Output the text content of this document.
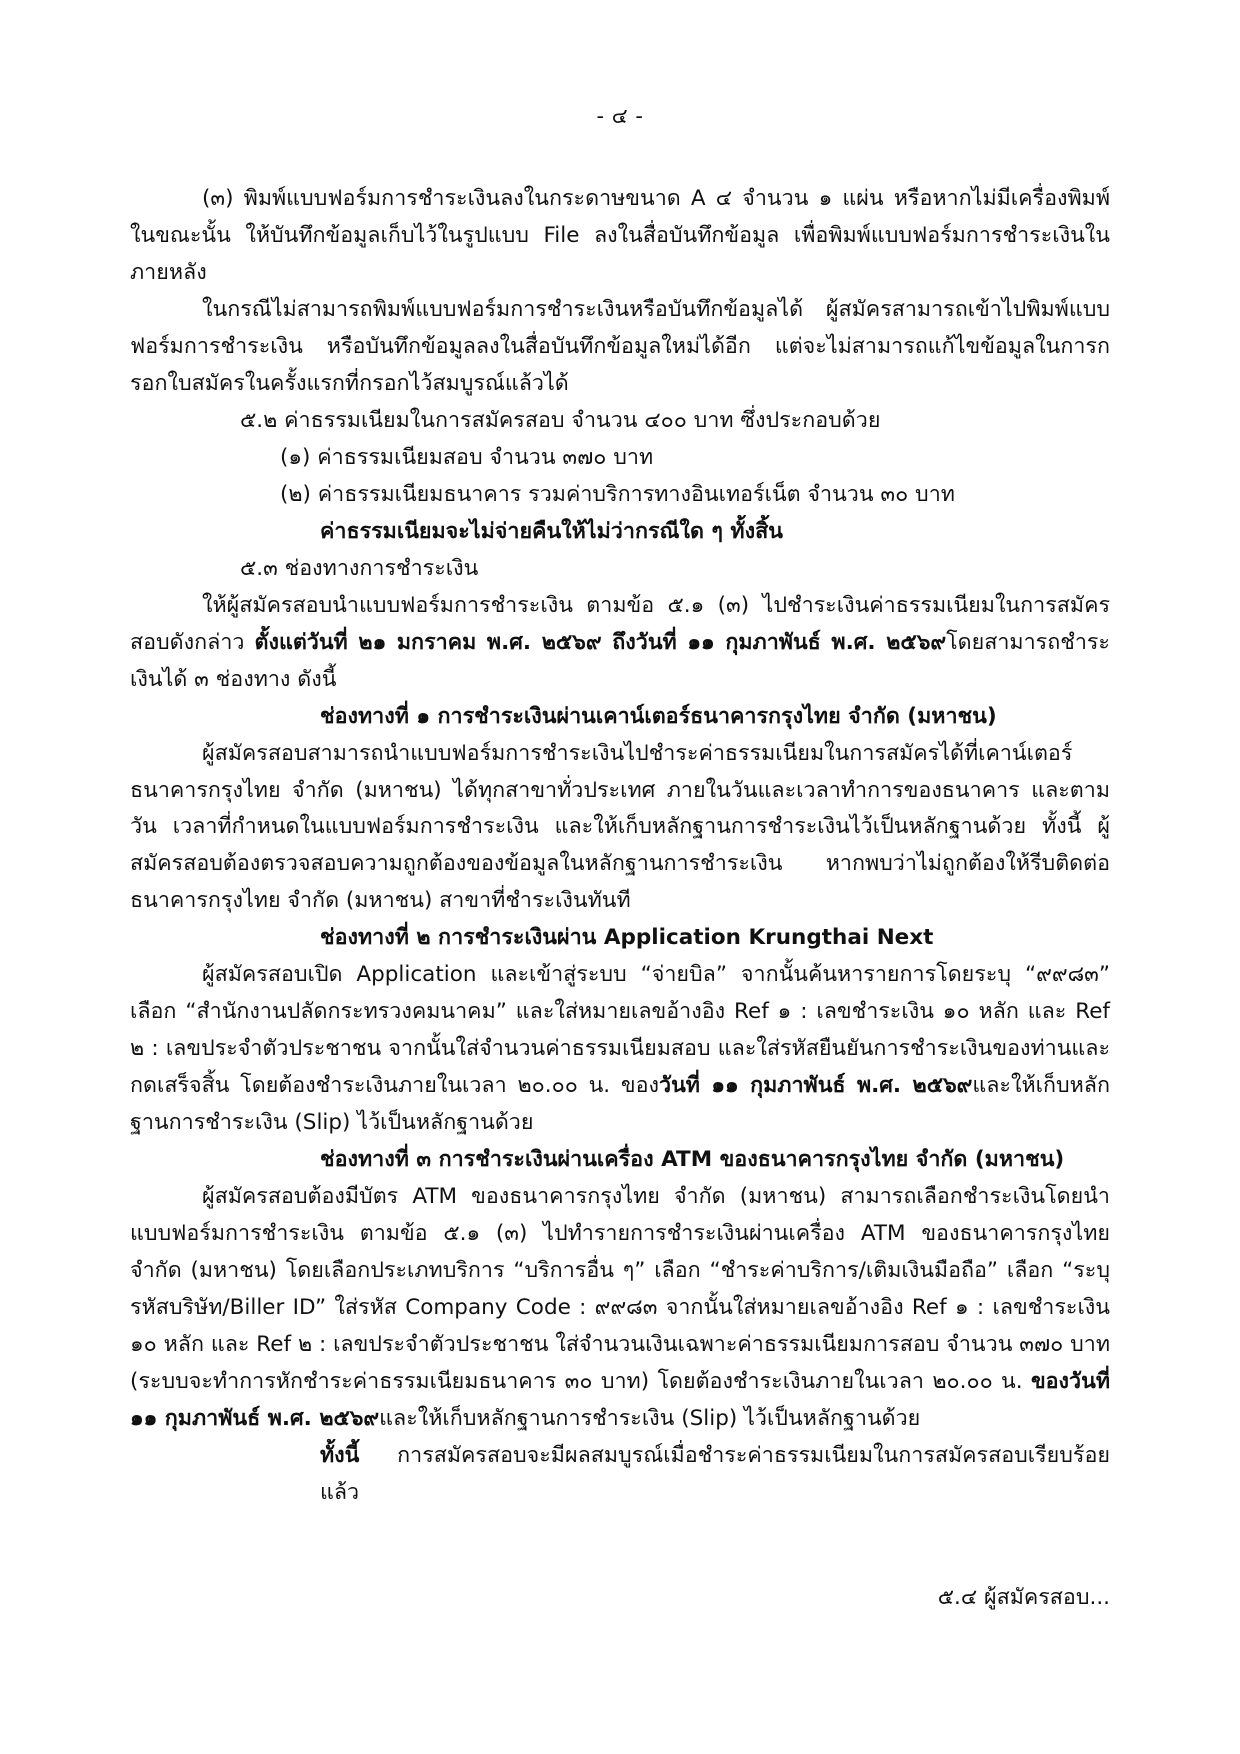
- ๔ -

(๓) พิมพ์แบบฟอร์มการชำระเงินลงในกระดาษขนาด A ๔ จำนวน ๑ แผ่น หรือหากไม่มีเครื่องพิมพ์ในขณะนั้น ให้บันทึกข้อมูลเก็บไว้ในรูปแบบ File ลงในสื่อบันทึกข้อมูล เพื่อพิมพ์แบบฟอร์มการชำระเงินในภายหลัง

ในกรณีไม่สามารถพิมพ์แบบฟอร์มการชำระเงินหรือบันทึกข้อมูลได้ ผู้สมัครสามารถเข้าไปพิมพ์แบบฟอร์มการชำระเงิน หรือบันทึกข้อมูลลงในสื่อบันทึกข้อมูลใหม่ได้อีก แต่จะไม่สามารถแก้ไขข้อมูลในการกรอกใบสมัครในครั้งแรกที่กรอกไว้สมบูรณ์แล้วได้

๕.๒ ค่าธรรมเนียมในการสมัครสอบ จำนวน ๔๐๐ บาท ซึ่งประกอบด้วย

(๑) ค่าธรรมเนียมสอบ จำนวน ๓๗๐ บาท

(๒) ค่าธรรมเนียมธนาคาร รวมค่าบริการทางอินเทอร์เน็ต จำนวน ๓๐ บาท

ค่าธรรมเนียมจะไม่จ่ายคืนให้ไม่ว่ากรณีใด ๆ ทั้งสิ้น

๕.๓ ช่องทางการชำระเงิน

ให้ผู้สมัครสอบนำแบบฟอร์มการชำระเงิน ตามข้อ ๕.๑ (๓) ไปชำระเงินค่าธรรมเนียมในการสมัครสอบดังกล่าว ตั้งแต่วันที่ ๒๑ มกราคม พ.ศ. ๒๕๖๙ ถึงวันที่ ๑๑ กุมภาพันธ์ พ.ศ. ๒๕๖๙โดยสามารถชำระเงินได้ ๓ ช่องทาง ดังนี้

ช่องทางที่ ๑ การชำระเงินผ่านเคาน์เตอร์ธนาคารกรุงไทย จำกัด (มหาชน)

ผู้สมัครสอบสามารถนำแบบฟอร์มการชำระเงินไปชำระค่าธรรมเนียมในการสมัครได้ที่เคาน์เตอร์ธนาคารกรุงไทย จำกัด (มหาชน) ได้ทุกสาขาทั่วประเทศ ภายในวันและเวลาทำการของธนาคาร และตามวัน เวลาที่กำหนดในแบบฟอร์มการชำระเงิน และให้เก็บหลักฐานการชำระเงินไว้เป็นหลักฐานด้วย ทั้งนี้ ผู้สมัครสอบต้องตรวจสอบความถูกต้องของข้อมูลในหลักฐานการชำระเงิน หากพบว่าไม่ถูกต้องให้รีบติดต่อธนาคารกรุงไทย จำกัด (มหาชน) สาขาที่ชำระเงินทันที

ช่องทางที่ ๒ การชำระเงินผ่าน Application Krungthai Next

ผู้สมัครสอบเปิด Application และเข้าสู่ระบบ “จ่ายบิล” จากนั้นค้นหารายการโดยระบุ “๙๙๘๓” เลือก “สำนักงานปลัดกระทรวงคมนาคม” และใส่หมายเลขอ้างอิง Ref ๑ : เลขชำระเงิน ๑๐ หลัก และ Ref ๒ : เลขประจำตัวประชาชน จากนั้นใส่จำนวนค่าธรรมเนียมสอบ และใส่รหัสยืนยันการชำระเงินของท่านและกดเสร็จสิ้น โดยต้องชำระเงินภายในเวลา ๒๐.๐๐ น. ของวันที่ ๑๑ กุมภาพันธ์ พ.ศ. ๒๕๖๙และให้เก็บหลักฐานการชำระเงิน (Slip) ไว้เป็นหลักฐานด้วย

ช่องทางที่ ๓ การชำระเงินผ่านเครื่อง ATM ของธนาคารกรุงไทย จำกัด (มหาชน)

ผู้สมัครสอบต้องมีบัตร ATM ของธนาคารกรุงไทย จำกัด (มหาชน) สามารถเลือกชำระเงินโดยนำแบบฟอร์มการชำระเงิน ตามข้อ ๕.๑ (๓) ไปทำรายการชำระเงินผ่านเครื่อง ATM ของธนาคารกรุงไทย จำกัด (มหาชน) โดยเลือกประเภทบริการ “บริการอื่น ๆ” เลือก “ชำระค่าบริการ/เติมเงินมือถือ” เลือก “ระบุรหัสบริษัท/Biller ID” ใส่รหัส Company Code : ๙๙๘๓ จากนั้นใส่หมายเลขอ้างอิง Ref ๑ : เลขชำระเงิน ๑๐ หลัก และ Ref ๒ : เลขประจำตัวประชาชน ใส่จำนวนเงินเฉพาะค่าธรรมเนียมการสอบ จำนวน ๓๗๐ บาท (ระบบจะทำการหักชำระค่าธรรมเนียมธนาคาร ๓๐ บาท) โดยต้องชำระเงินภายในเวลา ๒๐.๐๐ น. ของวันที่ ๑๑ กุมภาพันธ์ พ.ศ. ๒๕๖๙และให้เก็บหลักฐานการชำระเงิน (Slip) ไว้เป็นหลักฐานด้วย

ทั้งนี้ การสมัครสอบจะมีผลสมบูรณ์เมื่อชำระค่าธรรมเนียมในการสมัครสอบเรียบร้อยแล้ว

๕.๔ ผู้สมัครสอบ...
